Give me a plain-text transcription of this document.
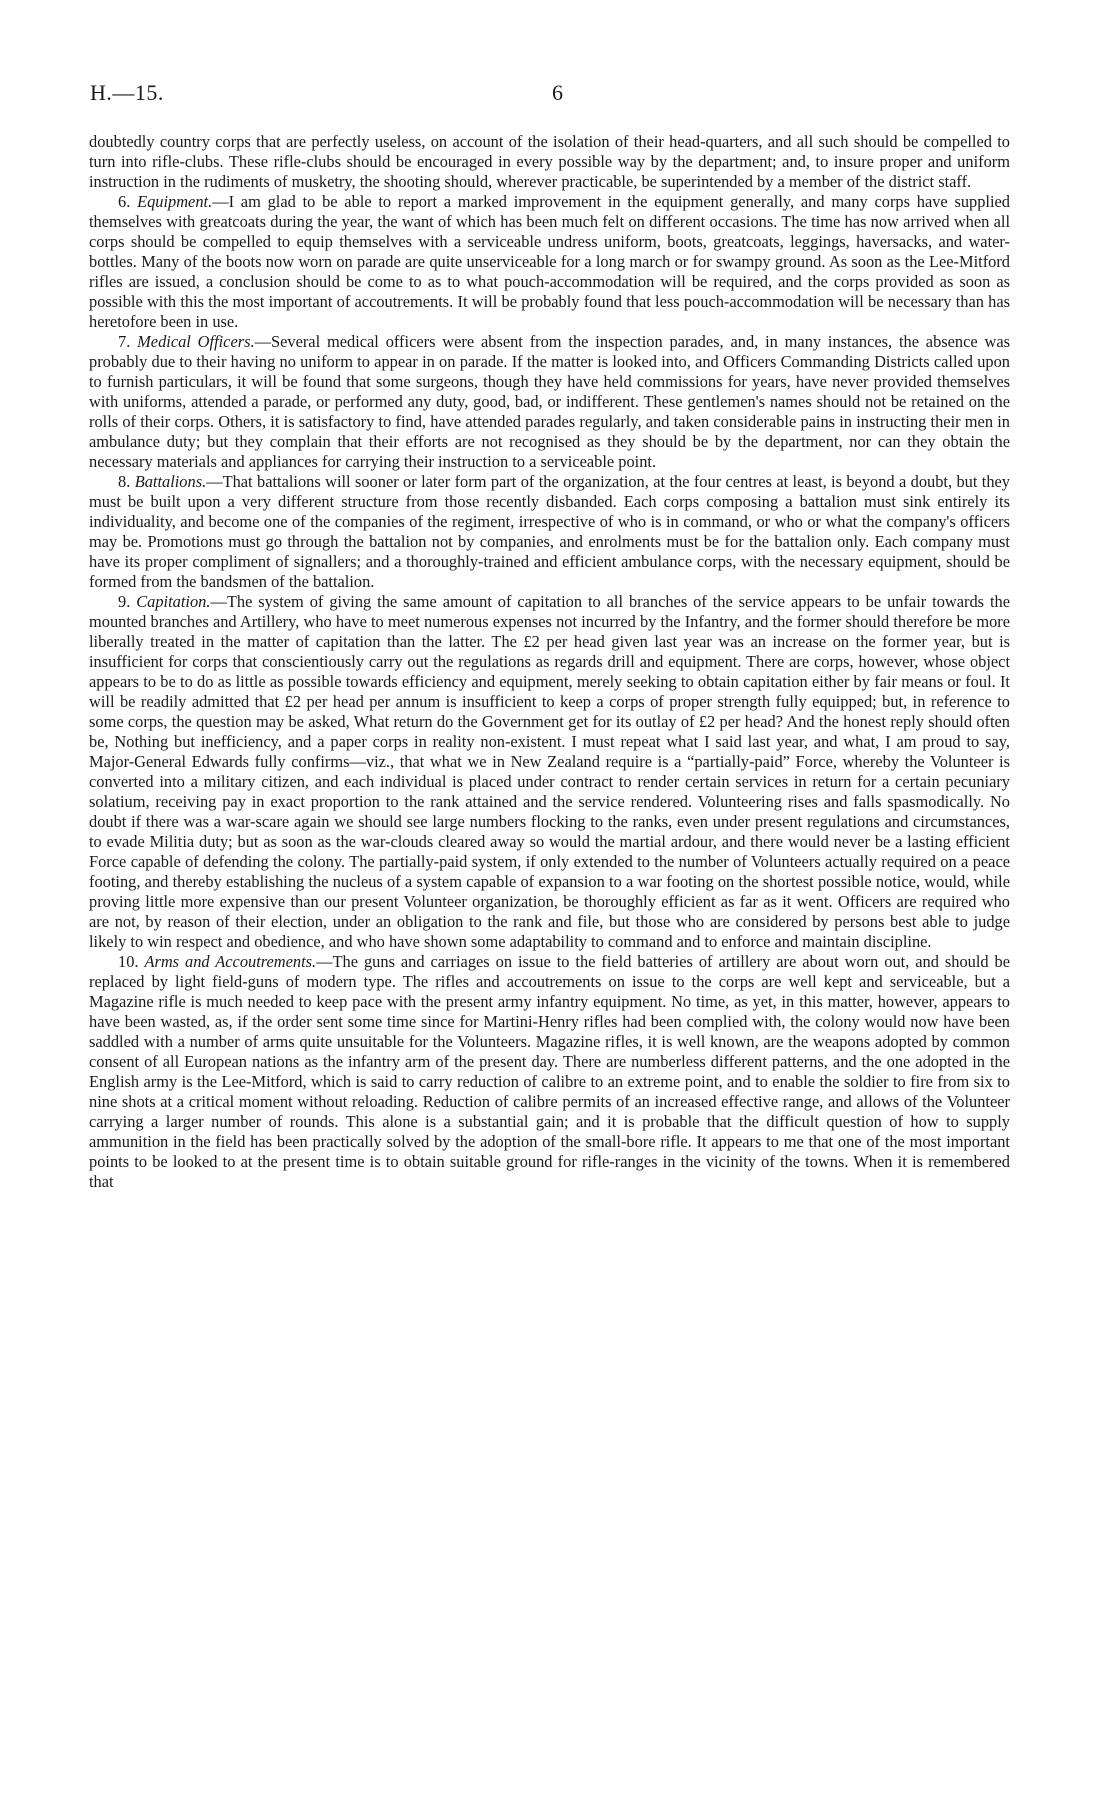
H.—15.	6

doubtedly country corps that are perfectly useless, on account of the isolation of their head-quarters, and all such should be compelled to turn into rifle-clubs. These rifle-clubs should be encouraged in every possible way by the department; and, to insure proper and uniform instruction in the rudiments of musketry, the shooting should, wherever practicable, be superintended by a member of the district staff.

6. Equipment.—I am glad to be able to report a marked improvement in the equipment generally, and many corps have supplied themselves with greatcoats during the year, the want of which has been much felt on different occasions. The time has now arrived when all corps should be compelled to equip themselves with a serviceable undress uniform, boots, greatcoats, leggings, haversacks, and water-bottles. Many of the boots now worn on parade are quite unserviceable for a long march or for swampy ground. As soon as the Lee-Mitford rifles are issued, a conclusion should be come to as to what pouch-accommodation will be required, and the corps provided as soon as possible with this the most important of accoutrements. It will be probably found that less pouch-accommodation will be necessary than has heretofore been in use.

7. Medical Officers.—Several medical officers were absent from the inspection parades, and, in many instances, the absence was probably due to their having no uniform to appear in on parade. If the matter is looked into, and Officers Commanding Districts called upon to furnish particulars, it will be found that some surgeons, though they have held commissions for years, have never provided themselves with uniforms, attended a parade, or performed any duty, good, bad, or indifferent. These gentlemen's names should not be retained on the rolls of their corps. Others, it is satisfactory to find, have attended parades regularly, and taken considerable pains in instructing their men in ambulance duty; but they complain that their efforts are not recognised as they should be by the department, nor can they obtain the necessary materials and appliances for carrying their instruction to a serviceable point.

8. Battalions.—That battalions will sooner or later form part of the organization, at the four centres at least, is beyond a doubt, but they must be built upon a very different structure from those recently disbanded. Each corps composing a battalion must sink entirely its individuality, and become one of the companies of the regiment, irrespective of who is in command, or who or what the company's officers may be. Promotions must go through the battalion not by companies, and enrolments must be for the battalion only. Each company must have its proper compliment of signallers; and a thoroughly-trained and efficient ambulance corps, with the necessary equipment, should be formed from the bandsmen of the battalion.

9. Capitation.—The system of giving the same amount of capitation to all branches of the service appears to be unfair towards the mounted branches and Artillery, who have to meet numerous expenses not incurred by the Infantry, and the former should therefore be more liberally treated in the matter of capitation than the latter. The £2 per head given last year was an increase on the former year, but is insufficient for corps that conscientiously carry out the regulations as regards drill and equipment. There are corps, however, whose object appears to be to do as little as possible towards efficiency and equipment, merely seeking to obtain capitation either by fair means or foul. It will be readily admitted that £2 per head per annum is insufficient to keep a corps of proper strength fully equipped; but, in reference to some corps, the question may be asked, What return do the Government get for its outlay of £2 per head? And the honest reply should often be, Nothing but inefficiency, and a paper corps in reality non-existent. I must repeat what I said last year, and what, I am proud to say, Major-General Edwards fully confirms—viz., that what we in New Zealand require is a “partially-paid” Force, whereby the Volunteer is converted into a military citizen, and each individual is placed under contract to render certain services in return for a certain pecuniary solatium, receiving pay in exact proportion to the rank attained and the service rendered. Volunteering rises and falls spasmodically. No doubt if there was a war-scare again we should see large numbers flocking to the ranks, even under present regulations and circumstances, to evade Militia duty; but as soon as the war-clouds cleared away so would the martial ardour, and there would never be a lasting efficient Force capable of defending the colony. The partially-paid system, if only extended to the number of Volunteers actually required on a peace footing, and thereby establishing the nucleus of a system capable of expansion to a war footing on the shortest possible notice, would, while proving little more expensive than our present Volunteer organization, be thoroughly efficient as far as it went. Officers are required who are not, by reason of their election, under an obligation to the rank and file, but those who are considered by persons best able to judge likely to win respect and obedience, and who have shown some adaptability to command and to enforce and maintain discipline.

10. Arms and Accoutrements.—The guns and carriages on issue to the field batteries of artillery are about worn out, and should be replaced by light field-guns of modern type. The rifles and accoutrements on issue to the corps are well kept and serviceable, but a Magazine rifle is much needed to keep pace with the present army infantry equipment. No time, as yet, in this matter, however, appears to have been wasted, as, if the order sent some time since for Martini-Henry rifles had been complied with, the colony would now have been saddled with a number of arms quite unsuitable for the Volunteers. Magazine rifles, it is well known, are the weapons adopted by common consent of all European nations as the infantry arm of the present day. There are numberless different patterns, and the one adopted in the English army is the Lee-Mitford, which is said to carry reduction of calibre to an extreme point, and to enable the soldier to fire from six to nine shots at a critical moment without reloading. Reduction of calibre permits of an increased effective range, and allows of the Volunteer carrying a larger number of rounds. This alone is a substantial gain; and it is probable that the difficult question of how to supply ammunition in the field has been practically solved by the adoption of the small-bore rifle. It appears to me that one of the most important points to be looked to at the present time is to obtain suitable ground for rifle-ranges in the vicinity of the towns. When it is remembered that
